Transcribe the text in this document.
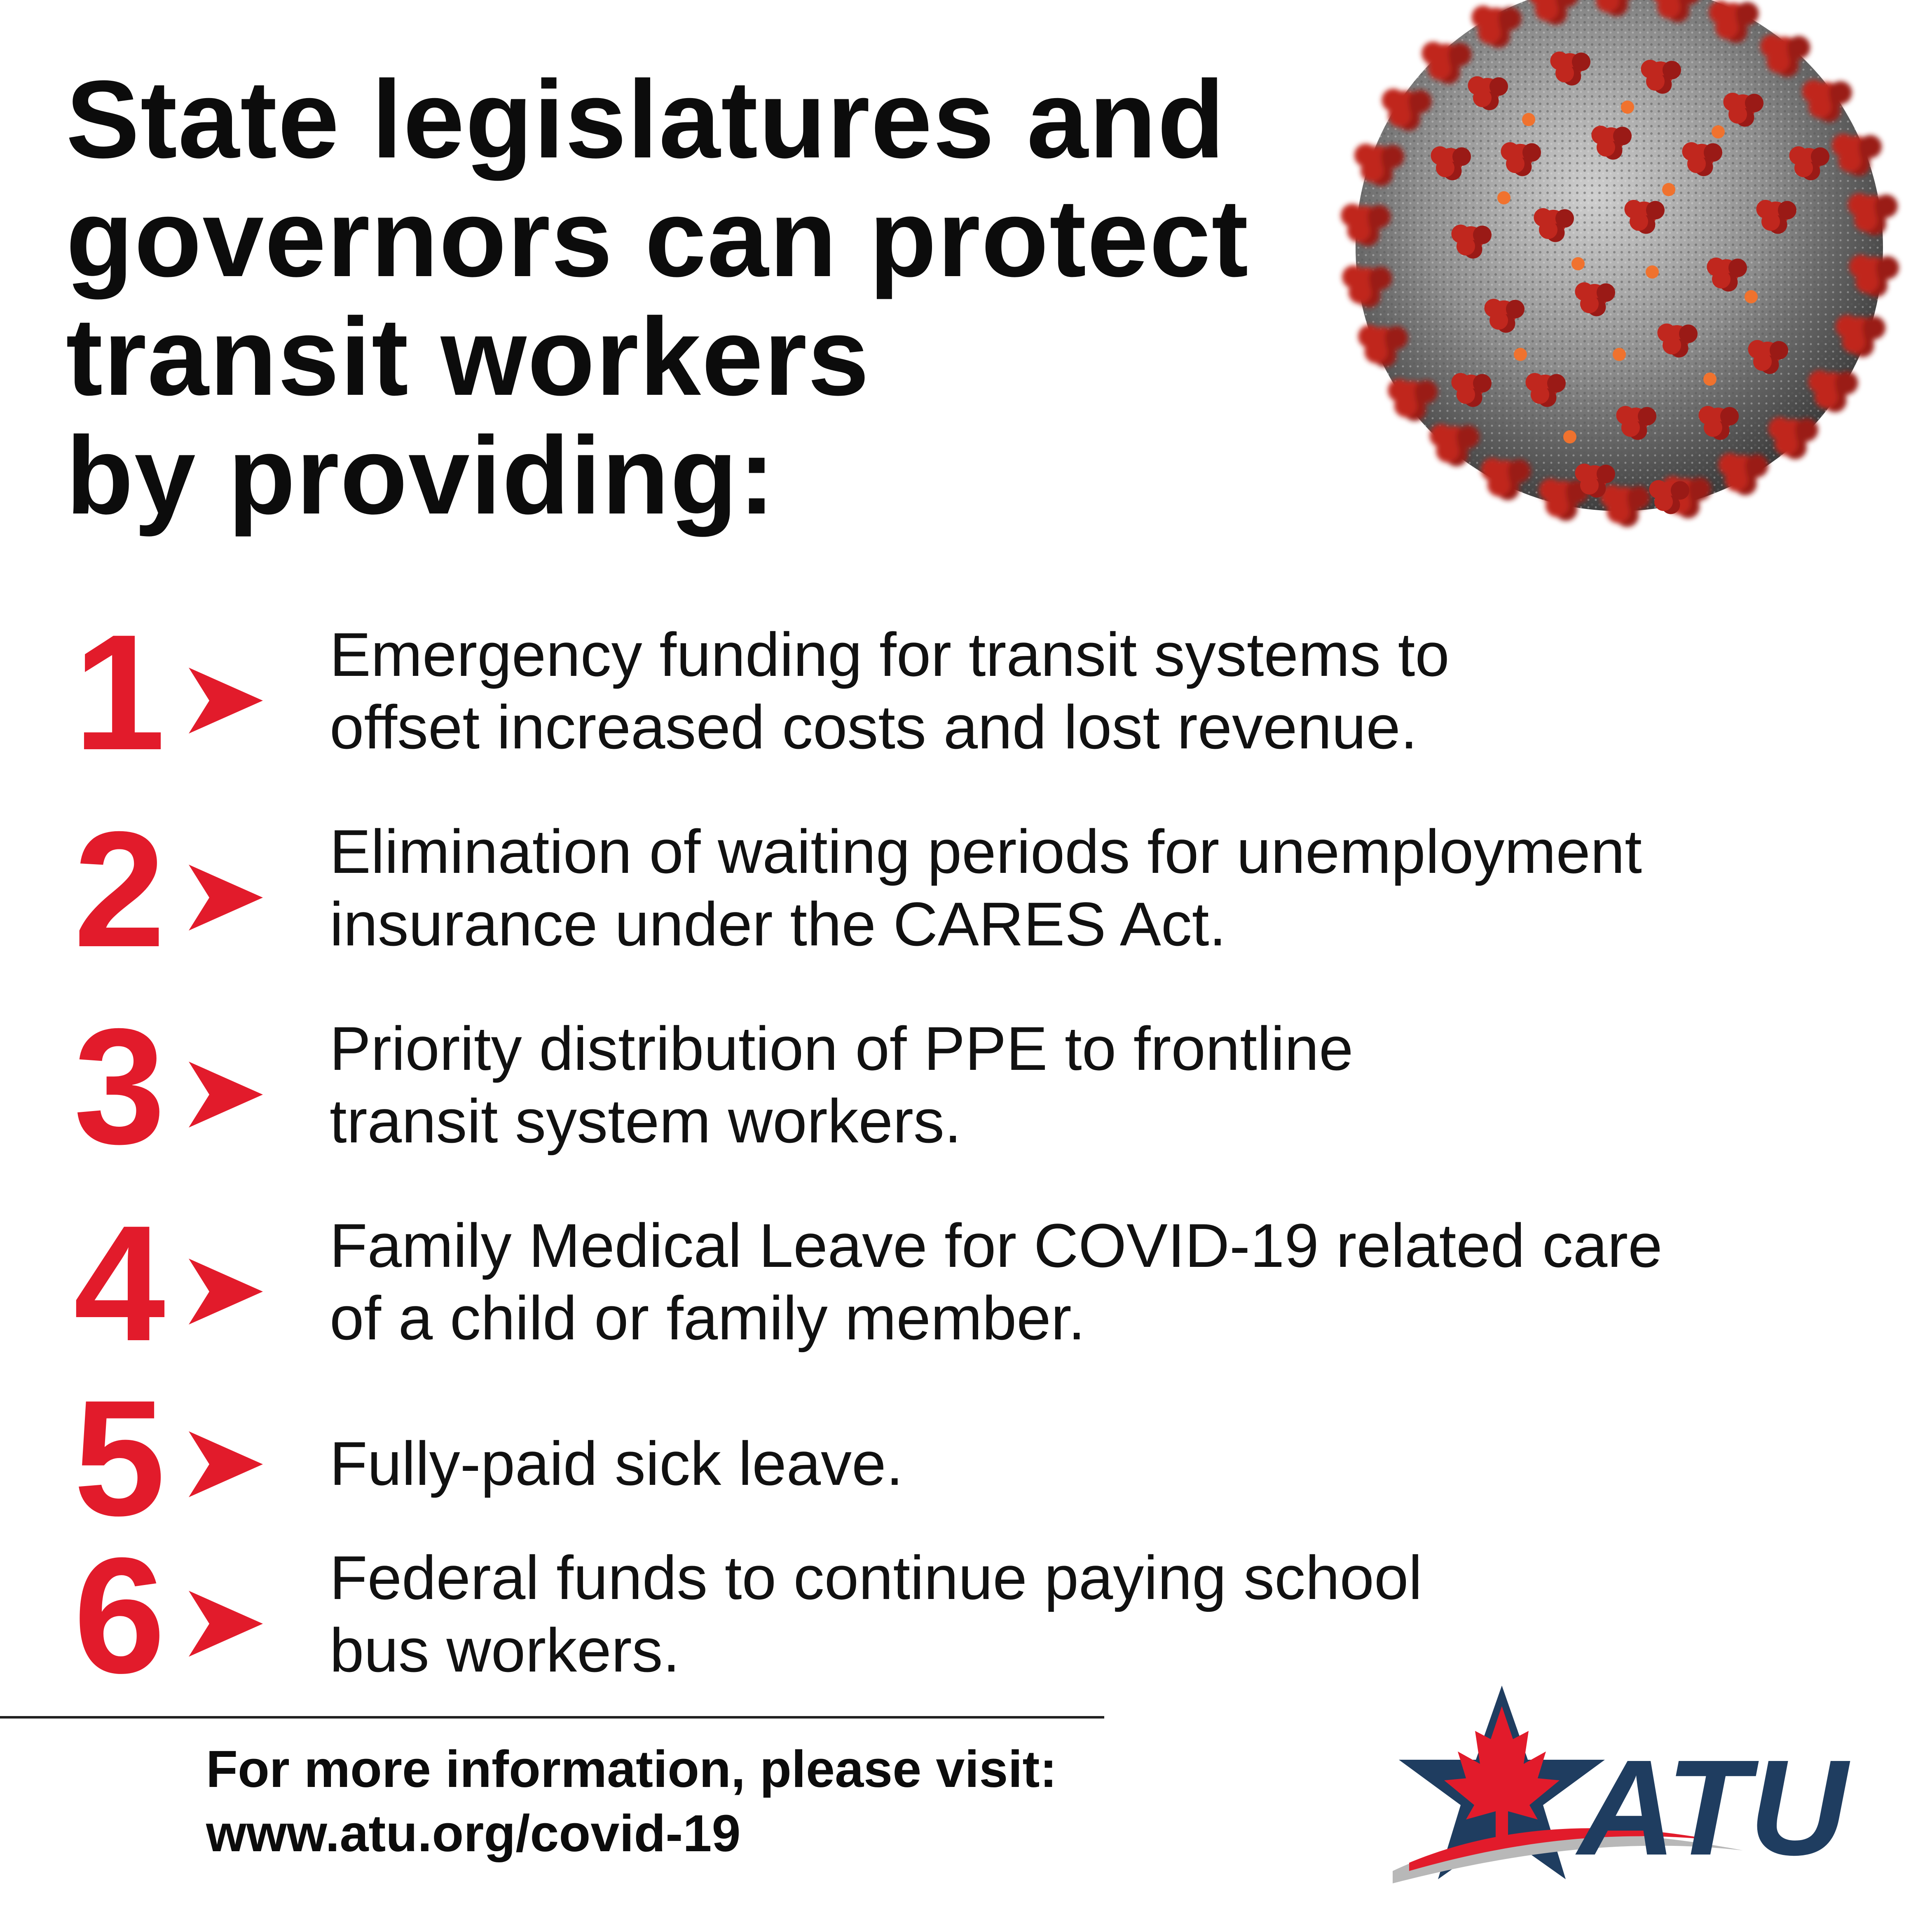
State legislatures and
governors can protect
transit workers
by providing:
1	Emergency funding for transit systems to
offset increased costs and lost revenue.
2	Elimination of waiting periods for unemployment
insurance under the CARES Act.
3	Priority distribution of PPE to frontline
transit system workers.
4	Family Medical Leave for COVID-19 related care
of a child or family member.
5	Fully-paid sick leave.
6	Federal funds to continue paying school
bus workers.
For more information, please visit:
www.atu.org/covid-19	ATU
